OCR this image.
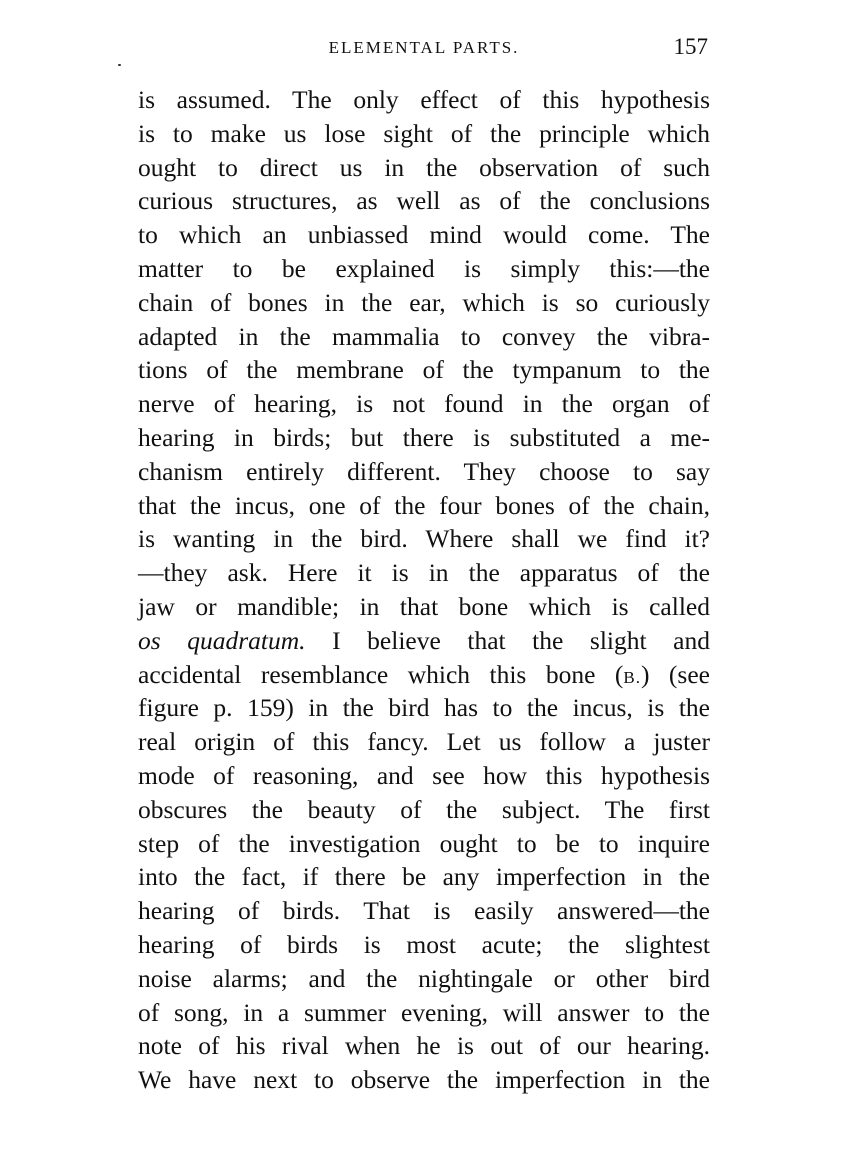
ELEMENTAL PARTS.	157
is assumed. The only effect of this hypothesis
is to make us lose sight of the principle which
ought to direct us in the observation of such
curious structures, as well as of the conclusions
to which an unbiassed mind would come. The
matter to be explained is simply this:—the
chain of bones in the ear, which is so curiously
adapted in the mammalia to convey the vibra-
tions of the membrane of the tympanum to the
nerve of hearing, is not found in the organ of
hearing in birds; but there is substituted a me-
chanism entirely different. They choose to say
that the incus, one of the four bones of the chain,
is wanting in the bird. Where shall we find it?
—they ask. Here it is in the apparatus of the
jaw or mandible; in that bone which is called
os quadratum. I believe that the slight and
accidental resemblance which this bone (B.) (see
figure p. 159) in the bird has to the incus, is the
real origin of this fancy. Let us follow a juster
mode of reasoning, and see how this hypothesis
obscures the beauty of the subject. The first
step of the investigation ought to be to inquire
into the fact, if there be any imperfection in the
hearing of birds. That is easily answered—the
hearing of birds is most acute; the slightest
noise alarms; and the nightingale or other bird
of song, in a summer evening, will answer to the
note of his rival when he is out of our hearing.
We have next to observe the imperfection in the
